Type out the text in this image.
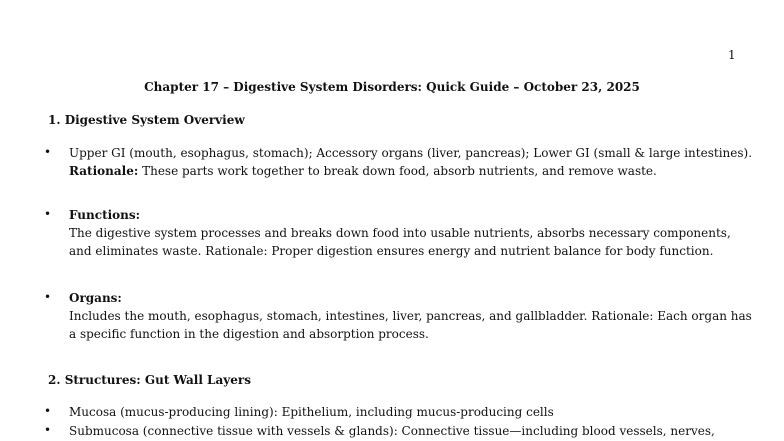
1
Chapter 17 – Digestive System Disorders: Quick Guide – October 23, 2025
1. Digestive System Overview
• Upper GI (mouth, esophagus, stomach); Accessory organs (liver, pancreas); Lower GI (small & large intestines).
Rationale: These parts work together to break down food, absorb nutrients, and remove waste.
• Functions:
The digestive system processes and breaks down food into usable nutrients, absorbs necessary components,
and eliminates waste. Rationale: Proper digestion ensures energy and nutrient balance for body function.
• Organs:
Includes the mouth, esophagus, stomach, intestines, liver, pancreas, and gallbladder. Rationale: Each organ has
a specific function in the digestion and absorption process.
2. Structures: Gut Wall Layers
• Mucosa (mucus-producing lining): Epithelium, including mucus-producing cells
• Submucosa (connective tissue with vessels & glands): Connective tissue—including blood vessels, nerves,
